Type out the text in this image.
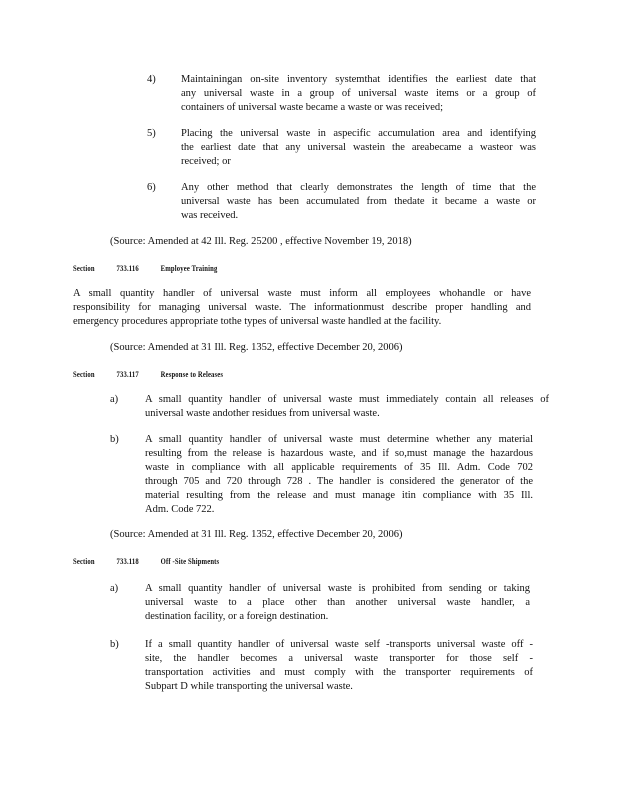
4) Maintainingan on-site inventory systemthat identifies the earliest date that
any universal waste in a group of universal waste items or a group of
containers of universal waste became a waste or was received;
5) Placing the universal waste in aspecific accumulation area and identifying
the earliest date that any universal wastein the areabecame a wasteor was
received; or
6) Any other method that clearly demonstrates the length of time that the
universal waste has been accumulated from thedate it became a waste or
was received.
(Source: Amended at 42 Ill. Reg. 25200 , effective November 19, 2018)
Section	733.116	Employee Training
A small quantity handler of universal waste must inform all employees whohandle or have
responsibility for managing universal waste. The informationmust describe proper handling and
emergency procedures appropriate tothe types of universal waste handled at the facility.
(Source: Amended at 31 Ill. Reg. 1352, effective December 20, 2006)
Section	733.117	Response to Releases
a)	A small quantity handler of universal waste must immediately contain all releases of
universal waste andother residues from universal waste.
b)	A small quantity handler of universal waste must determine whether any material
resulting from the release is hazardous waste, and if so,must manage the hazardous
waste in compliance with all applicable requirements of 35 Ill. Adm. Code 702
through 705 and 720 through 728 . The handler is considered the generator of the
material resulting from the release and must manage itin compliance with 35 Ill.
Adm. Code 722.
(Source: Amended at 31 Ill. Reg. 1352, effective December 20, 2006)
Section	733.118	Off -Site Shipments
a)	A small quantity handler of universal waste is prohibited from sending or taking
universal waste to a place other than another universal waste handler, a
destination facility, or a foreign destination.
b)	If a small quantity handler of universal waste self -transports universal waste off -
site, the handler becomes a universal waste transporter for those self -
transportation activities and must comply with the transporter requirements of
Subpart D while transporting the universal waste.
